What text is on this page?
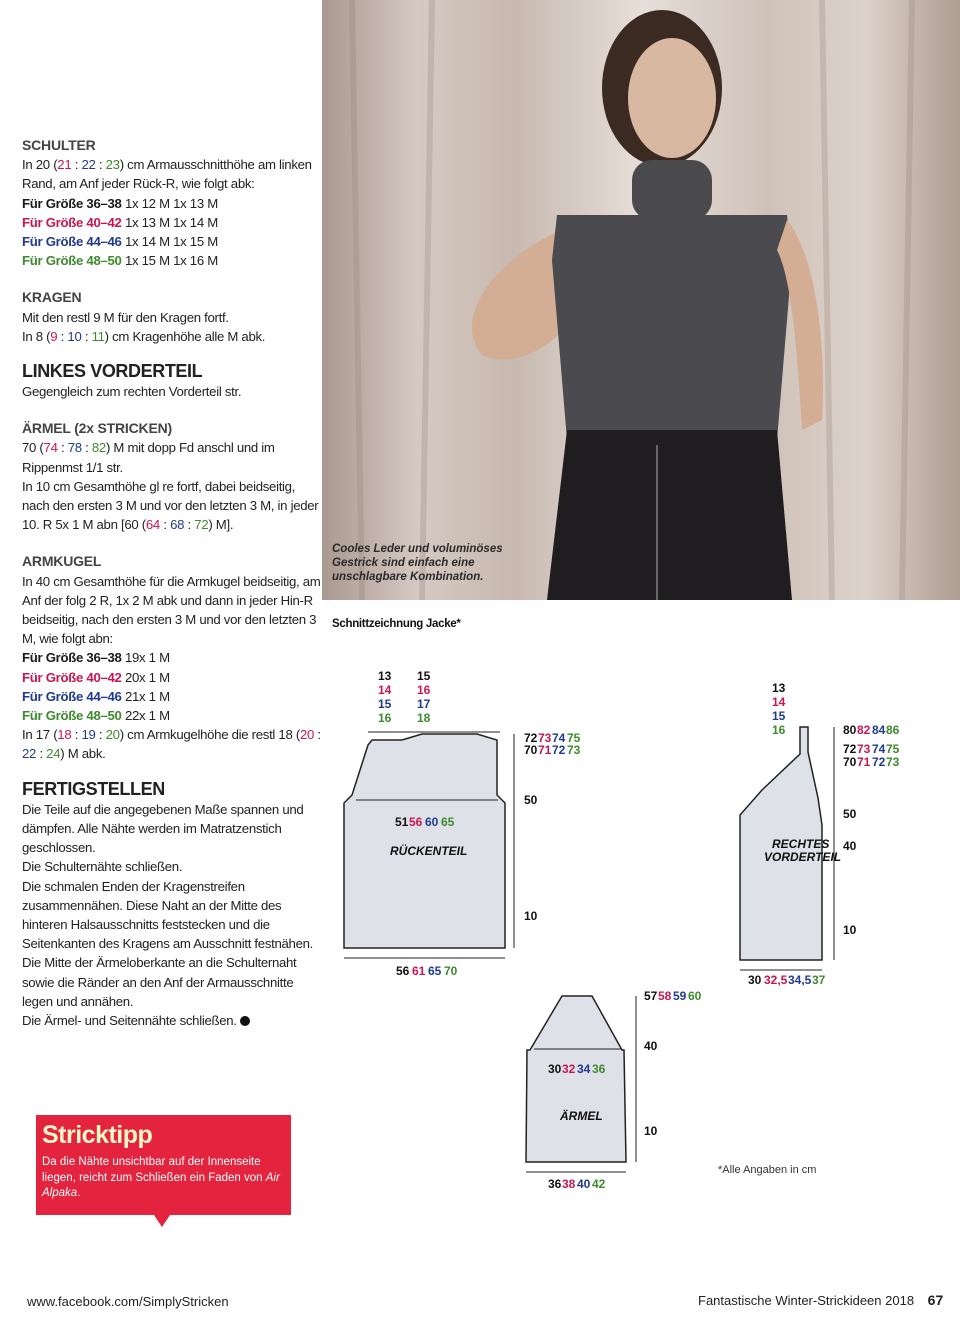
SCHULTER

In 20 (21 : 22 : 23) cm Armausschnitthöhe am linken Rand, am Anf jeder Rück-R, wie folgt abk:

Für Größe 36–38 1x 12 M 1x 13 M

Für Größe 40–42 1x 13 M 1x 14 M

Für Größe 44–46 1x 14 M 1x 15 M

Für Größe 48–50 1x 15 M 1x 16 M

KRAGEN

Mit den restl 9 M für den Kragen fortf.

In 8 (9 : 10 : 11) cm Kragenhöhe alle M abk.

LINKES VORDERTEIL

Gegengleich zum rechten Vorderteil str.

ÄRMEL (2x STRICKEN)

70 (74 : 78 : 82) M mit dopp Fd anschl und im Rippenmst 1/1 str.

In 10 cm Gesamthöhe gl re fortf, dabei beidseitig, nach den ersten 3 M und vor den letzten 3 M, in jeder 10. R 5x 1 M abn [60 (64 : 68 : 72) M].

ARMKUGEL

In 40 cm Gesamthöhe für die Armkugel beidseitig, am Anf der folg 2 R, 1x 2 M abk und dann in jeder Hin-R beidseitig, nach den ersten 3 M und vor den letzten 3 M, wie folgt abn:

Für Größe 36–38 19x 1 M

Für Größe 40–42 20x 1 M

Für Größe 44–46 21x 1 M

Für Größe 48–50 22x 1 M

In 17 (18 : 19 : 20) cm Armkugelhöhe die restl 18 (20 : 22 : 24) M abk.

FERTIGSTELLEN

Die Teile auf die angegebenen Maße spannen und dämpfen. Alle Nähte werden im Matratzenstich geschlossen.

Die Schulternähte schließen.

Die schmalen Enden der Kragenstreifen zusammennähen. Diese Naht an der Mitte des hinteren Halsausschnitts feststecken und die Seitenkanten des Kragens am Ausschnitt festnähen.

Die Mitte der Ärmeloberkante an die Schulternaht sowie die Ränder an den Anf der Armausschnitte legen und annähen.

Die Ärmel- und Seitennähte schließen.

Cooles Leder und voluminöses Gestrick sind einfach eine unschlagbare Kombination.
Schnittzeichnung Jacke*
RÜCKENTEIL
13
14
15
16
15
16
17
18
51 56 60 65
56 61 65 70
72 73 74 75
70 71 72 73
50
10
RECHTES
VORDERTEIL
13
14
15
16	80 82 84 86
72 73 74 75
70 71 72 73
50
40
10
30 32,5 34,5 37
ÄRMEL
30 32 34 36
36 38 40 42
57 58 59 60
40
10
*Alle Angaben in cm
Stricktipp
Da die Nähte unsichtbar auf der Innenseite liegen, reicht zum Schließen ein Faden von Air Alpaka.
www.facebook.com/SimplyStricken	Fantastische Winter-Strickideen 2018 67
